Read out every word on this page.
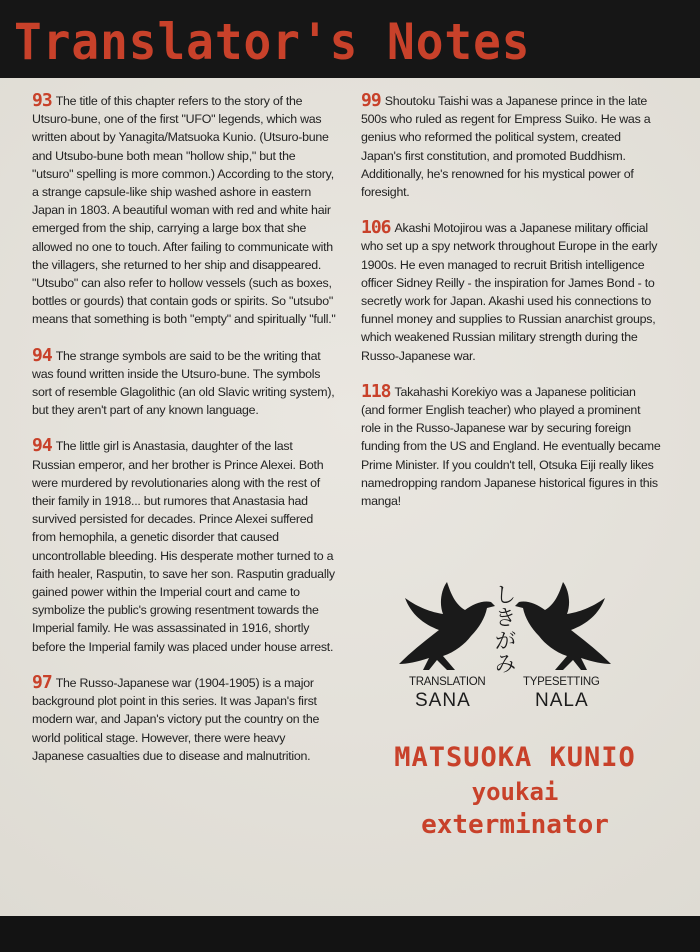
Translator's Notes

93 The title of this chapter refers to the story of the Utsuro-bune, one of the first "UFO" legends, which was written about by Yanagita/Matsuoka Kunio. (Utsuro-bune and Utsubo-bune both mean "hollow ship," but the "utsuro" spelling is more common.) According to the story, a strange capsule-like ship washed ashore in eastern Japan in 1803. A beautiful woman with red and white hair emerged from the ship, carrying a large box that she allowed no one to touch. After failing to communicate with the villagers, she returned to her ship and disappeared. "Utsubo" can also refer to hollow vessels (such as boxes, bottles or gourds) that contain gods or spirits. So "utsubo" means that something is both "empty" and spiritually "full."

94 The strange symbols are said to be the writing that was found written inside the Utsuro-bune. The symbols sort of resemble Glagolithic (an old Slavic writing system), but they aren't part of any known language.

94 The little girl is Anastasia, daughter of the last Russian emperor, and her brother is Prince Alexei. Both were murdered by revolutionaries along with the rest of their family in 1918... but rumores that Anastasia had survived persisted for decades. Prince Alexei suffered from hemophila, a genetic disorder that caused uncontrollable bleeding. His desperate mother turned to a faith healer, Rasputin, to save her son. Rasputin gradually gained power within the Imperial court and came to symbolize the public's growing resentment towards the Imperial family. He was assassinated in 1916, shortly before the Imperial family was placed under house arrest.

97 The Russo-Japanese war (1904-1905) is a major background plot point in this series. It was Japan's first modern war, and Japan's victory put the country on the world political stage. However, there were heavy Japanese casualties due to disease and malnutrition.

99 Shoutoku Taishi was a Japanese prince in the late 500s who ruled as regent for Empress Suiko. He was a genius who reformed the political system, created Japan's first constitution, and promoted Buddhism. Additionally, he's renowned for his mystical power of foresight.

106 Akashi Motojirou was a Japanese military official who set up a spy network throughout Europe in the early 1900s. He even managed to recruit British intelligence officer Sidney Reilly - the inspiration for James Bond - to secretly work for Japan. Akashi used his connections to funnel money and supplies to Russian anarchist groups, which weakened Russian military strength during the Russo-Japanese war.

118 Takahashi Korekiyo was a Japanese politician (and former English teacher) who played a prominent role in the Russo-Japanese war by securing foreign funding from the US and England. He eventually became Prime Minister. If you couldn't tell, Otsuka Eiji really likes namedropping random Japanese historical figures in this manga!

しきがみ
TRANSLATION
SANA
TYPESETTING
NALA
MATSUOKA KUNIO
youkai
exterminator
